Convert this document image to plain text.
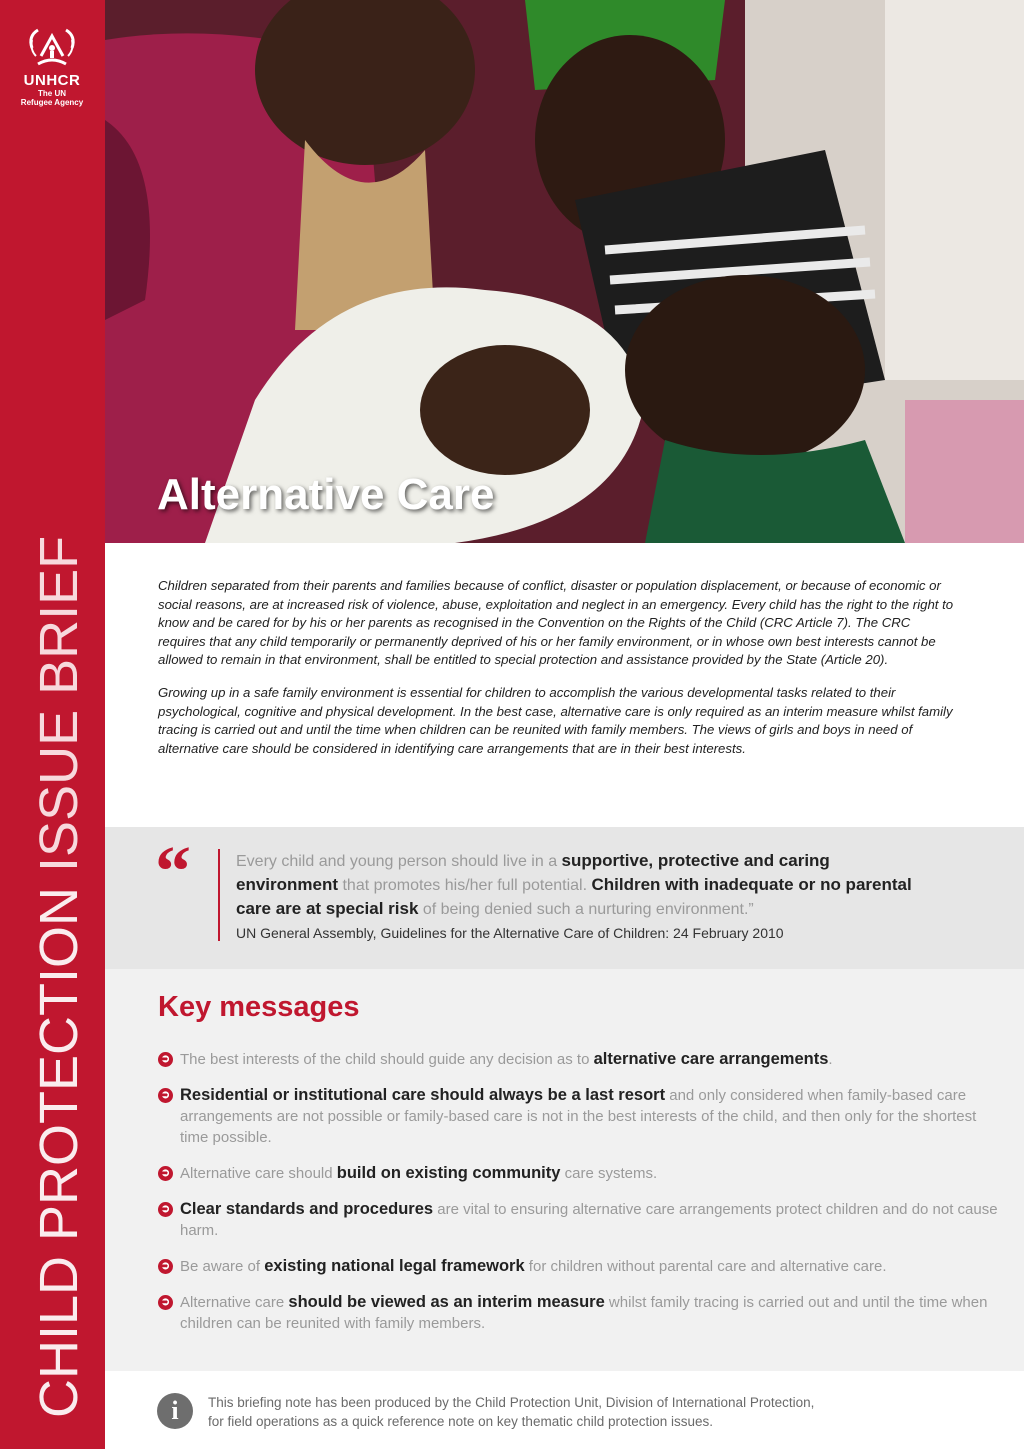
UNHCR
The UN
Refugee Agency
CHILD PROTECTION ISSUE BRIEF
Alternative Care

Children separated from their parents and families because of conflict, disaster or population displacement, or because of economic or social reasons, are at increased risk of violence, abuse, exploitation and neglect in an emergency. Every child has the right to the right to know and be cared for by his or her parents as recognised in the Convention on the Rights of the Child (CRC Article 7). The CRC requires that any child temporarily or permanently deprived of his or her family environment, or in whose own best interests cannot be allowed to remain in that environment, shall be entitled to special protection and assistance provided by the State (Article 20).

Growing up in a safe family environment is essential for children to accomplish the various developmental tasks related to their psychological, cognitive and physical development. In the best case, alternative care is only required as an interim measure whilst family tracing is carried out and until the time when children can be reunited with family members. The views of girls and boys in need of alternative care should be considered in identifying care arrangements that are in their best interests.

“	Every child and young person should live in a supportive, protective and caring environment that promotes his/her full potential. Children with inadequate or no parental care are at special risk of being denied such a nurturing environment.”
UN General Assembly, Guidelines for the Alternative Care of Children: 24 February 2010
Key messages
➲ The best interests of the child should guide any decision as to alternative care arrangements.
➲ Residential or institutional care should always be a last resort and only considered when family-based care arrangements are not possible or family-based care is not in the best interests of the child, and then only for the shortest time possible.
➲ Alternative care should build on existing community care systems.
➲ Clear standards and procedures are vital to ensuring alternative care arrangements protect children and do not cause harm.
➲ Be aware of existing national legal framework for children without parental care and alternative care.
➲ Alternative care should be viewed as an interim measure whilst family tracing is carried out and until the time when children can be reunited with family members.
i	This briefing note has been produced by the Child Protection Unit, Division of International Protection,
for field operations as a quick reference note on key thematic child protection issues.
